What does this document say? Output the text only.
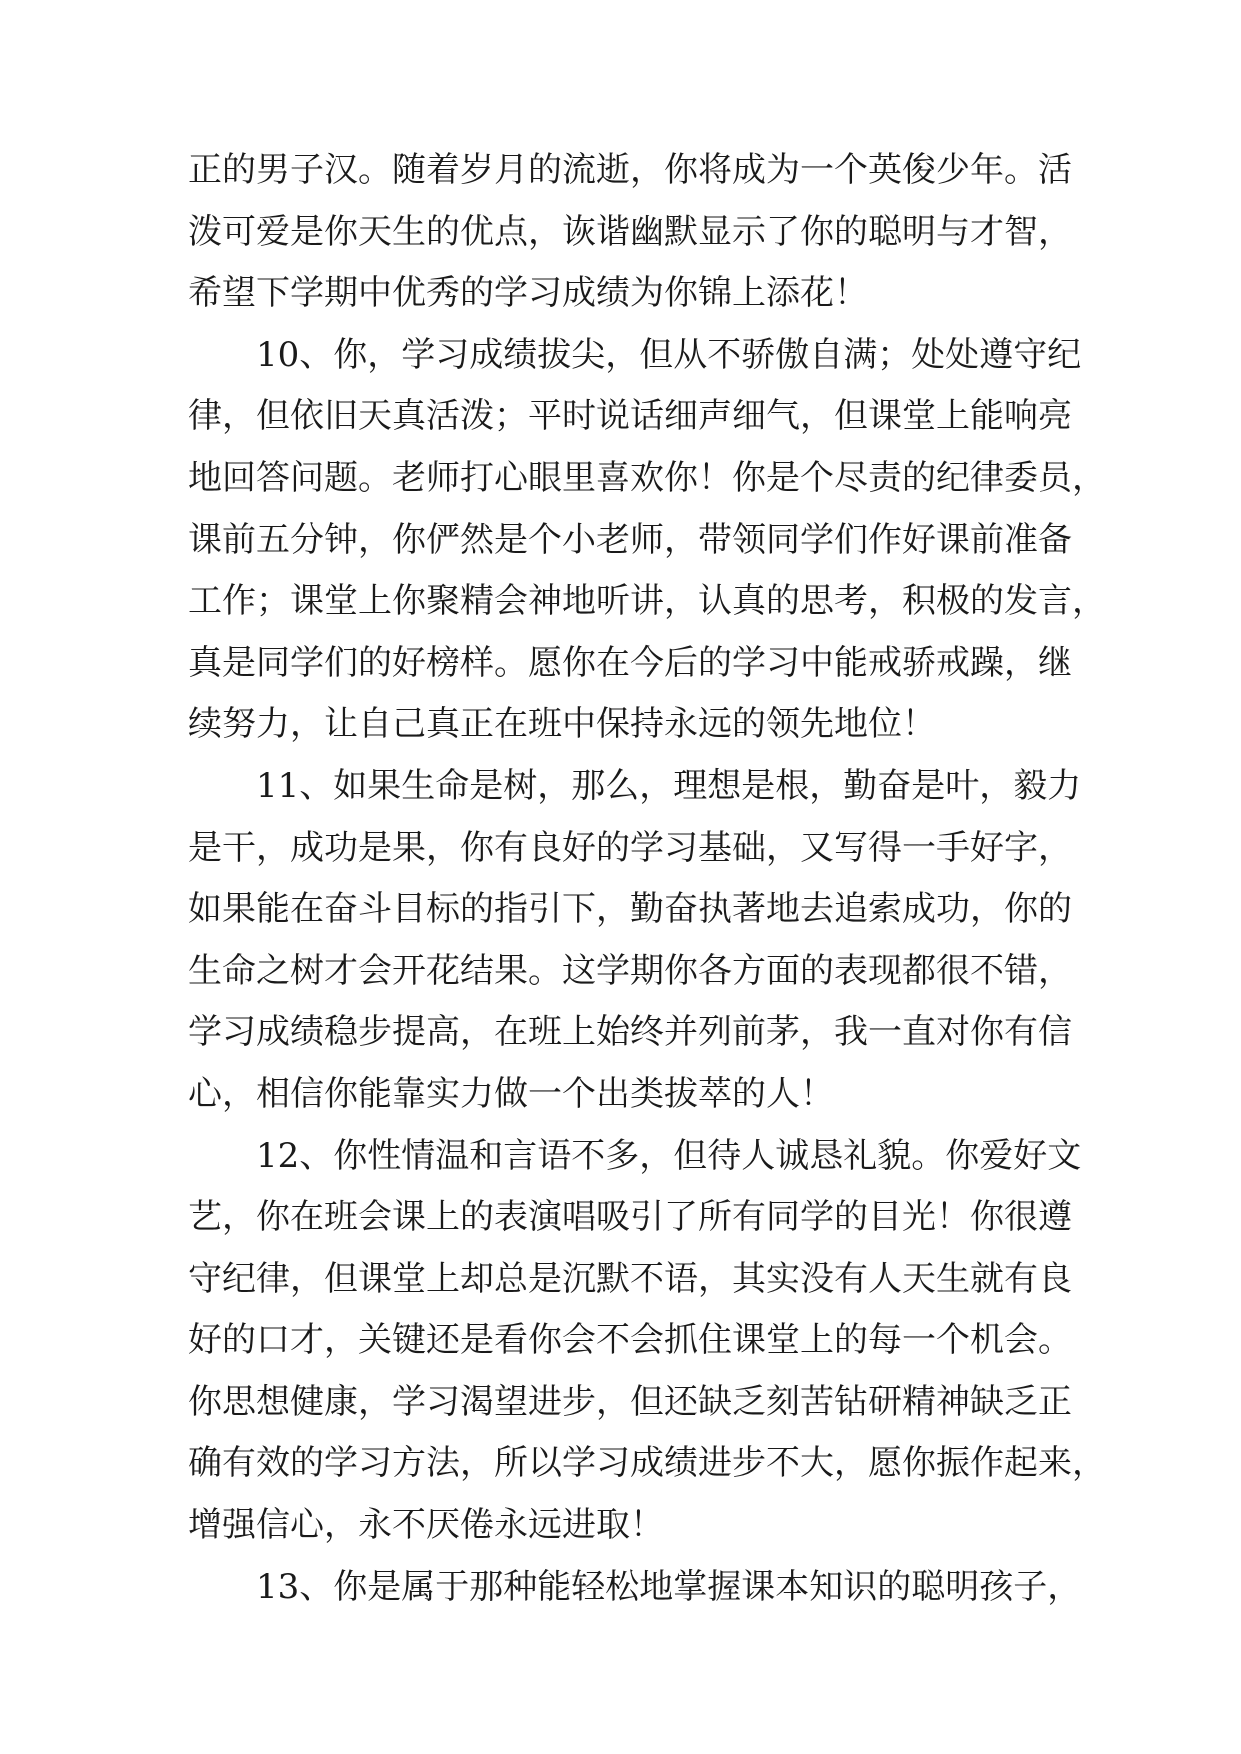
正的男子汉。随着岁月的流逝，你将成为一个英俊少年。活
泼可爱是你天生的优点，诙谐幽默显示了你的聪明与才智，
希望下学期中优秀的学习成绩为你锦上添花！
10、你，学习成绩拔尖，但从不骄傲自满；处处遵守纪
律，但依旧天真活泼；平时说话细声细气，但课堂上能响亮
地回答问题。老师打心眼里喜欢你！你是个尽责的纪律委员，
课前五分钟，你俨然是个小老师，带领同学们作好课前准备
工作；课堂上你聚精会神地听讲，认真的思考，积极的发言，
真是同学们的好榜样。愿你在今后的学习中能戒骄戒躁，继
续努力，让自己真正在班中保持永远的领先地位！
11、如果生命是树，那么，理想是根，勤奋是叶，毅力
是干，成功是果，你有良好的学习基础，又写得一手好字，
如果能在奋斗目标的指引下，勤奋执著地去追索成功，你的
生命之树才会开花结果。这学期你各方面的表现都很不错，
学习成绩稳步提高，在班上始终并列前茅，我一直对你有信
心，相信你能靠实力做一个出类拔萃的人！
12、你性情温和言语不多，但待人诚恳礼貌。你爱好文
艺，你在班会课上的表演唱吸引了所有同学的目光！你很遵
守纪律，但课堂上却总是沉默不语，其实没有人天生就有良
好的口才，关键还是看你会不会抓住课堂上的每一个机会。
你思想健康，学习渴望进步，但还缺乏刻苦钻研精神缺乏正
确有效的学习方法，所以学习成绩进步不大，愿你振作起来，
增强信心，永不厌倦永远进取！
13、你是属于那种能轻松地掌握课本知识的聪明孩子，
